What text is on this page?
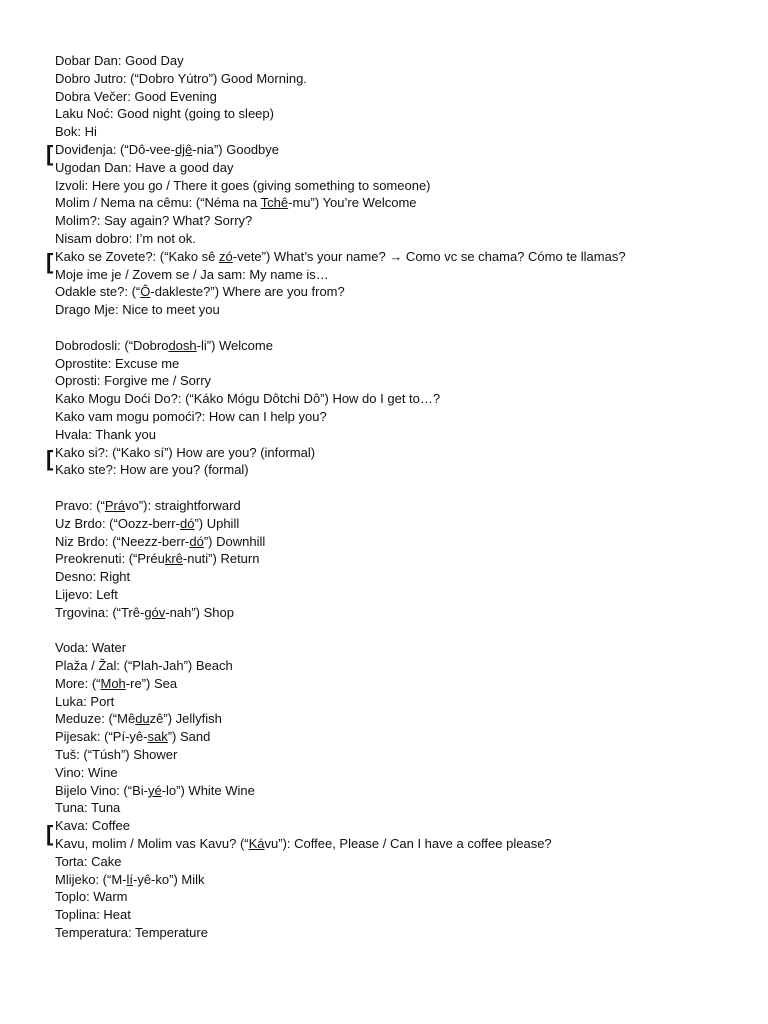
Dobar Dan: Good Day
Dobro Jutro: (“Dobro Yútro”) Good Morning.
Dobra Večer: Good Evening
Laku Noć: Good night (going to sleep)
Bok: Hi
Doviđenja: (“Dô-vee-djê-nia”) Goodbye
Ugodan Dan: Have a good day
Izvoli: Here you go / There it goes (giving something to someone)
Molim / Nema na cêmu: (“Néma na Tchê-mu”) You’re Welcome
Molim?: Say again? What? Sorry?
Nisam dobro: I’m not ok.
Kako se Zovete?: (“Kako sê zó-vete”) What’s your name? → Como vc se chama? Cómo te llamas?
Moje ime je / Zovem se / Ja sam: My name is…
Odakle ste?: (“Ô-dakleste?”) Where are you from?
Drago Mje: Nice to meet you
Dobrodosli: (“Dobrodosh-li”) Welcome
Oprostite: Excuse me
Oprosti: Forgive me / Sorry
Kako Mogu Doći Do?: (“Káko Mógu Dôtchi Dô”) How do I get to…?
Kako vam mogu pomoći?: How can I help you?
Hvala: Thank you
Kako si?: (“Kako sí”) How are you? (informal)
Kako ste?: How are you? (formal)
Pravo: (“Právo”): straightforward
Uz Brdo: (“Oozz-berr-dó”) Uphill
Niz Brdo: (“Neezz-berr-dó”) Downhill
Preokrenuti: (“Préukrê-nuti”) Return
Desno: Right
Lijevo: Left
Trgovina: (“Trê-góv-nah”) Shop
Voda: Water
Plaža / Žal: (“Plah-Jah”) Beach
More: (“Moh-re”) Sea
Luka: Port
Meduze: (“Mêduzê”) Jellyfish
Pijesak: (“Pí-yê-sak”) Sand
Tuš: (“Túsh”) Shower
Vino: Wine
Bijelo Vino: (“Bi-yé-lo”) White Wine
Tuna: Tuna
Kava: Coffee
Kavu, molim / Molim vas Kavu? (“Kávu”): Coffee, Please / Can I have a coffee please?
Torta: Cake
Mlijeko: (“M-lí-yê-ko”) Milk
Toplo: Warm
Toplina: Heat
Temperatura: Temperature
[
[
[
[
